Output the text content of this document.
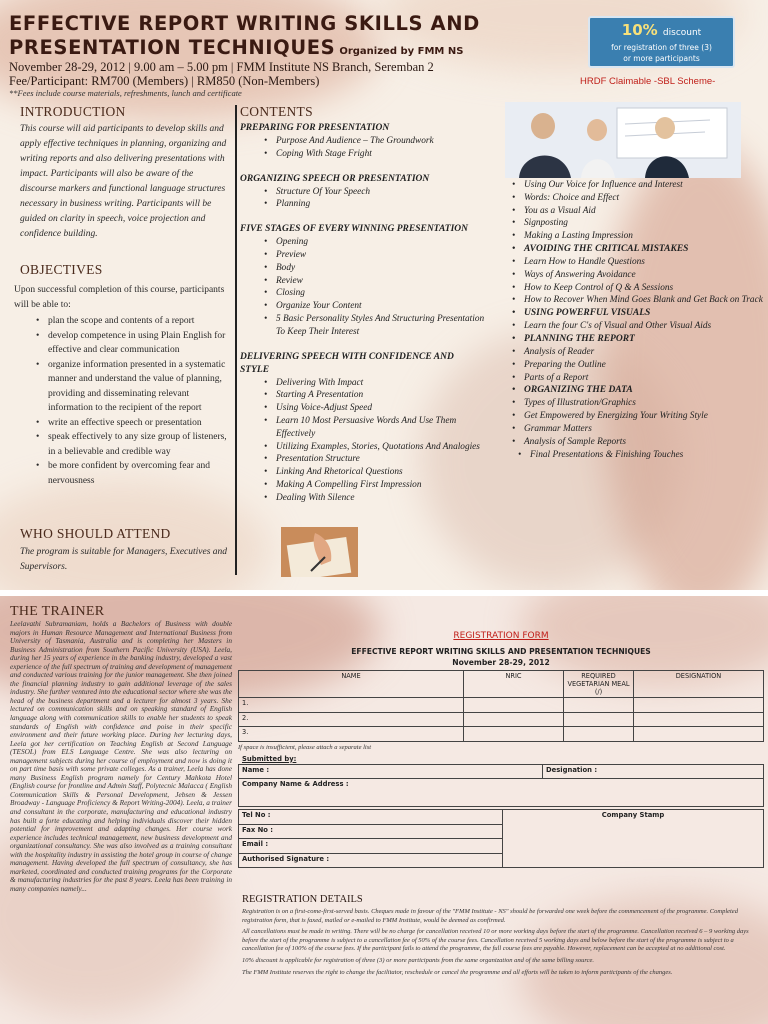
EFFECTIVE REPORT WRITING SKILLS AND
PRESENTATION TECHNIQUES Organized by FMM NS
November 28-29, 2012 | 9.00 am – 5.00 pm | FMM Institute NS Branch, Seremban 2
Fee/Participant: RM700 (Members) | RM850 (Non-Members)
**Fees include course materials, refreshments, lunch and certificate
10% discount
for registration of three (3)
or more participants
HRDF Claimable -SBL Scheme-
INTRODUCTION
This course will aid participants to develop skills and apply effective techniques in planning, organizing and writing reports and also delivering presentations with impact. Participants will also be aware of the discourse markers and functional language structures necessary in business writing. Participants will be guided on clarity in speech, voice projection and confidence building.
OBJECTIVES
Upon successful completion of this course, participants will be able to:
• plan the scope and contents of a report
• develop competence in using Plain English for effective and clear communication
• organize information presented in a systematic manner and understand the value of planning, providing and disseminating relevant information to the recipient of the report
• write an effective speech or presentation
• speak effectively to any size group of listeners, in a believable and credible way
• be more confident by overcoming fear and nervousness
WHO SHOULD ATTEND
The program is suitable for Managers, Executives and Supervisors.
CONTENTS
PREPARING FOR PRESENTATION
• Purpose And Audience – The Groundwork
• Coping With Stage Fright
ORGANIZING SPEECH OR PRESENTATION
• Structure Of Your Speech
• Planning
FIVE STAGES OF EVERY WINNING PRESENTATION
• Opening
• Preview
• Body
• Review
• Closing
• Organize Your Content
• 5 Basic Personality Styles And Structuring Presentation To Keep Their Interest
DELIVERING SPEECH WITH CONFIDENCE AND STYLE
• Delivering With Impact
• Starting A Presentation
• Using Voice-Adjust Speed
• Learn 10 Most Persuasive Words And Use Them Effectively
• Utilizing Examples, Stories, Quotations And Analogies
• Presentation Structure
• Linking And Rhetorical Questions
• Making A Compelling First Impression
• Dealing With Silence
• Using Our Voice for Influence and Interest
• Words: Choice and Effect
• You as a Visual Aid
• Signposting
• Making a Lasting Impression
• AVOIDING THE CRITICAL MISTAKES
• Learn How to Handle Questions
• Ways of Answering Avoidance
• How to Keep Control of Q & A Sessions
• How to Recover When Mind Goes Blank and Get Back on Track
• USING POWERFUL VISUALS
• Learn the four C's of Visual and Other Visual Aids
• PLANNING THE REPORT
• Analysis of Reader
• Preparing the Outline
• Parts of a Report
• ORGANIZING THE DATA
• Types of Illustration/Graphics
• Get Empowered by Energizing Your Writing Style
• Grammar Matters
• Analysis of Sample Reports
• Final Presentations & Finishing Touches
THE TRAINER
Leelavathi Subramaniam, holds a Bachelors of Business with double majors in Human Resource Management and International Business from University of Tasmania, Australia and is completing her Masters in Business Administration from Southern Pacific University (USA). Leela, during her 15 years of experience in the banking industry, developed a vast experience of the full spectrum of training and development of management and conducted various training for the junior management. She then joined the financial planning industry to gain additional leverage of the sales industry. She further ventured into the educational sector where she was the head of the business department and a lecturer for almost 3 years. She lectured on communication skills and on speaking standard of English language along with communication skills to enable her students to speak standards of English with confidence and poise in their specific environment and their future working place. During her lecturing days, Leela got her certification on Teaching English at Second Language (TESOL) from ELS Language Centre. She was also lecturing on management subjects during her course of employment and now is doing it on part time basis with some private colleges. As a trainer, Leela has done many Business English program namely for Century Mahkota Hotel (English course for frontline and Admin Staff, Polytecnic Malacca ( English Communication Skills & Personal Development, Jebsen & Jessen Broadway - Language Proficiency & Report Writing-2004). Leela, a trainer and consultant in the corporate, manufacturing and educational industry has built a forte educating and helping individuals discover their hidden potential for improvement and adapting changes. Her course work experience includes technical management, new business development and organizational consultancy. She was also involved as a training consultant with the hospitality industry in assisting the hotel group in course of change management. Having developed the full spectrum of consultancy, she has marketed, coordinated and conducted training programs for the Corporate & manufacturing industries for the past 8 years. Leela has been training in many companies namely...
REGISTRATION FORM
EFFECTIVE REPORT WRITING SKILLS AND PRESENTATION TECHNIQUES
November 28-29, 2012
NAME	NRIC	REQUIRED VEGETARIAN MEAL (/)	DESIGNATION
1.			
2.			
3.			
If space is insufficient, please attach a separate list
Submitted by:
Name :	Designation :
Company Name & Address :
Tel No :	Company Stamp
Fax No :
Email :
Authorised Signature :
REGISTRATION DETAILS

Registration is on a first-come-first-served basis. Cheques made in favour of the "FMM Institute - NS" should be forwarded one week before the commencement of the programme. Completed registration form, that is faxed, mailed or e-mailed to FMM Institute, would be deemed as confirmed.

All cancellations must be made in writing. There will be no charge for cancellation received 10 or more working days before the start of the programme. Cancellation received 6 – 9 working days before the start of the programme is subject to a cancellation fee of 50% of the course fees. Cancellation received 5 working days and below before the start of the programme is subject to a cancellation fee of 100% of the course fees. If the participant fails to attend the programme, the full course fees are payable. However, replacement can be accepted at no additional cost.

10% discount is applicable for registration of three (3) or more participants from the same organization and of the same billing source.

The FMM Institute reserves the right to change the facilitator, reschedule or cancel the programme and all efforts will be taken to inform participants of the changes.
